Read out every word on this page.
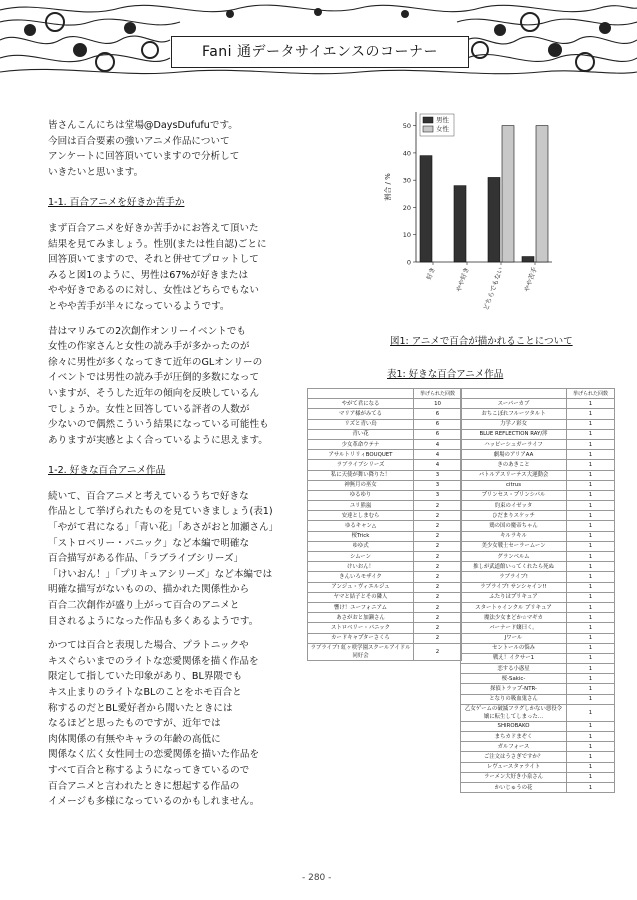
Fani 通データサイエンスのコーナー

皆さんこんにちは堂場@DaysDufufuです。
今回は百合要素の強いアニメ作品について
アンケートに回答頂いていますので分析して
いきたいと思います。

1-1. 百合アニメを好きか苦手か

まず百合アニメを好きか苦手かにお答えて頂いた
結果を見てみましょう。性別(または性自認)ごとに
回答頂いてますので、それと併せてプロットして
みると図1のように、男性は67%が好きまたは
やや好きであるのに対し、女性はどちらでもない
とやや苦手が半々になっているようです。

昔はマリみての2次創作オンリーイベントでも
女性の作家さんと女性の読み手が多かったのが
徐々に男性が多くなってきて近年のGLオンリーの
イベントでは男性の読み手が圧倒的多数になって
いますが、そうした近年の傾向を反映しているん
でしょうか。女性と回答している評者の人数が
少ないので偶然こういう結果になっている可能性も
ありますが実感とよく合っているように思えます。

1-2. 好きな百合アニメ作品

続いて、百合アニメと考えているうちで好きな
作品として挙げられたものを見ていきましょう(表1)
「やがて君になる」「青い花」「あさがおと加瀬さん」
「ストロベリー・パニック」など本編で明確な
百合描写がある作品、「ラブライブシリーズ」
「けいおん！」「プリキュアシリーズ」など本編では
明確な描写がないものの、描かれた関係性から
百合二次創作が盛り上がって百合のアニメと
目されるようになった作品も多くあるようです。

かつては百合と表現した場合、プラトニックや
キスぐらいまでのライトな恋愛関係を描く作品を
限定して指していた印象があり、BL界隈でも
キス止まりのライトなBLのことをホモ百合と
称するのだとBL愛好者から聞いたときには
なるほどと思ったものですが、近年では
肉体関係の有無やキャラの年齢の高低に
関係なく広く女性同士の恋愛関係を描いた作品を
すべて百合と称するようになってきているので
百合アニメと言われたときに想起する作品の
イメージも多様になっているのかもしれません。

0
10
20
30
40
50
割合 / %
好き	やや好き どちらでもない	やや苦手
男性
女性
図1: アニメで百合が描かれることについて
表1: 好きな百合アニメ作品
	挙げられた回数
やがて君になる	10
マリア様がみてる	6
リズと青い鳥	6
青い花	6
少女革命ウテナ	4
アサルトリリィBOUQUET	4
ラブライブシリーズ	4
私に天使が舞い降りた！	3
神無月の巫女	3
ゆるゆり	3
ユリ熊嵐	2
安達としまむら	2
ゆるキャン△	2
桜Trick	2
ゆゆ式	2
シムーン	2
けいおん！	2
きんいろモザイク	2
アンジュ・ヴィエルジュ	2
ヤマと結子とその隣人	2
響け！ユーフォニアム	2
あさがおと加瀬さん	2
ストロベリー・パニック	2
カードキャプターさくら	2
ラブライブ! 虹ヶ咲学園スクールアイドル同好会	2
	挙げられた回数
スーパーカブ	1
おちこぼれフルーツタルト	1
力学ノ彩女	1
BLUE REFLECTION RAY/澪	1
ハッピーシュガーライフ	1
劇場のアリアAA	1
きのあきこと	1
バトルアスリーテス大運動会	1
citrus	1
プリンセス・プリンシパル	1
約束のイゼッタ	1
ひだまりスケッチ	1
鶏の国の魔帝ちゃん	1
キルラキル	1
美少女戦士セーラームーン	1
グランベルム	1
推しが武道館いってくれたら死ぬ	1
ラブライブ!	1
ラブライブ! サンシャイン!!	1
ふたりはプリキュア	1
スタートゥインクル プリキュア	1
魔法少女まどか☆マギカ	1
バーナード嬢曰く。	1
Jワール	1
セントールの悩み	1
戦え！イクサー1	1
恋する小惑星	1
桜-Sakic-	1
探偵トラップ-NTR-	1
となりの吸血鬼さん	1
乙女ゲームの破滅フラグしかない悪役令嬢に転生してしまった…	1
SHIROBAKO	1
まちカドまぞく	1
ガルフォース	1
ご注文はうさぎですか？	1
レヴュースタァライト	1
ラーメン大好き小泉さん	1
かいじゅうの花	1
- 280 -
